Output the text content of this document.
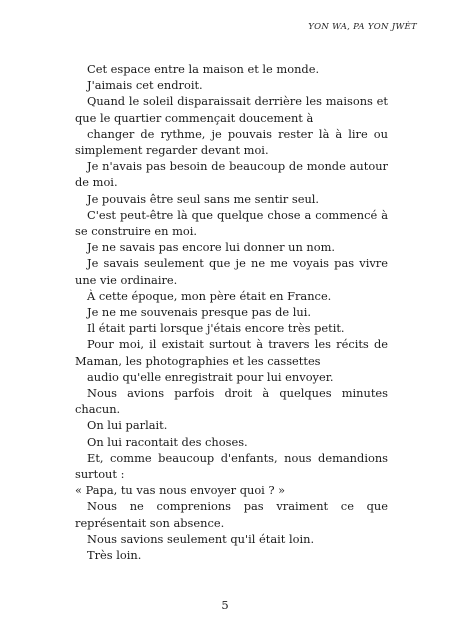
YON WA, PA YON JWÈT

Cet espace entre la maison et le monde.

J'aimais cet endroit.

Quand le soleil disparaissait derrière les maisons et que le quartier commençait doucement à

changer de rythme, je pouvais rester là à lire ou simplement regarder devant moi.

Je n'avais pas besoin de beaucoup de monde autour de moi.

Je pouvais être seul sans me sentir seul.

C'est peut-être là que quelque chose a commencé à se construire en moi.

Je ne savais pas encore lui donner un nom.

Je savais seulement que je ne me voyais pas vivre une vie ordinaire.

À cette époque, mon père était en France.

Je ne me souvenais presque pas de lui.

Il était parti lorsque j'étais encore très petit.

Pour moi, il existait surtout à travers les récits de Maman, les photographies et les cassettes

audio qu'elle enregistrait pour lui envoyer.

Nous avions parfois droit à quelques minutes chacun.

On lui parlait.

On lui racontait des choses.

Et, comme beaucoup d'enfants, nous demandions surtout :

« Papa, tu vas nous envoyer quoi ? »

Nous ne comprenions pas vraiment ce que représentait son absence.

Nous savions seulement qu'il était loin.

Très loin.

5
